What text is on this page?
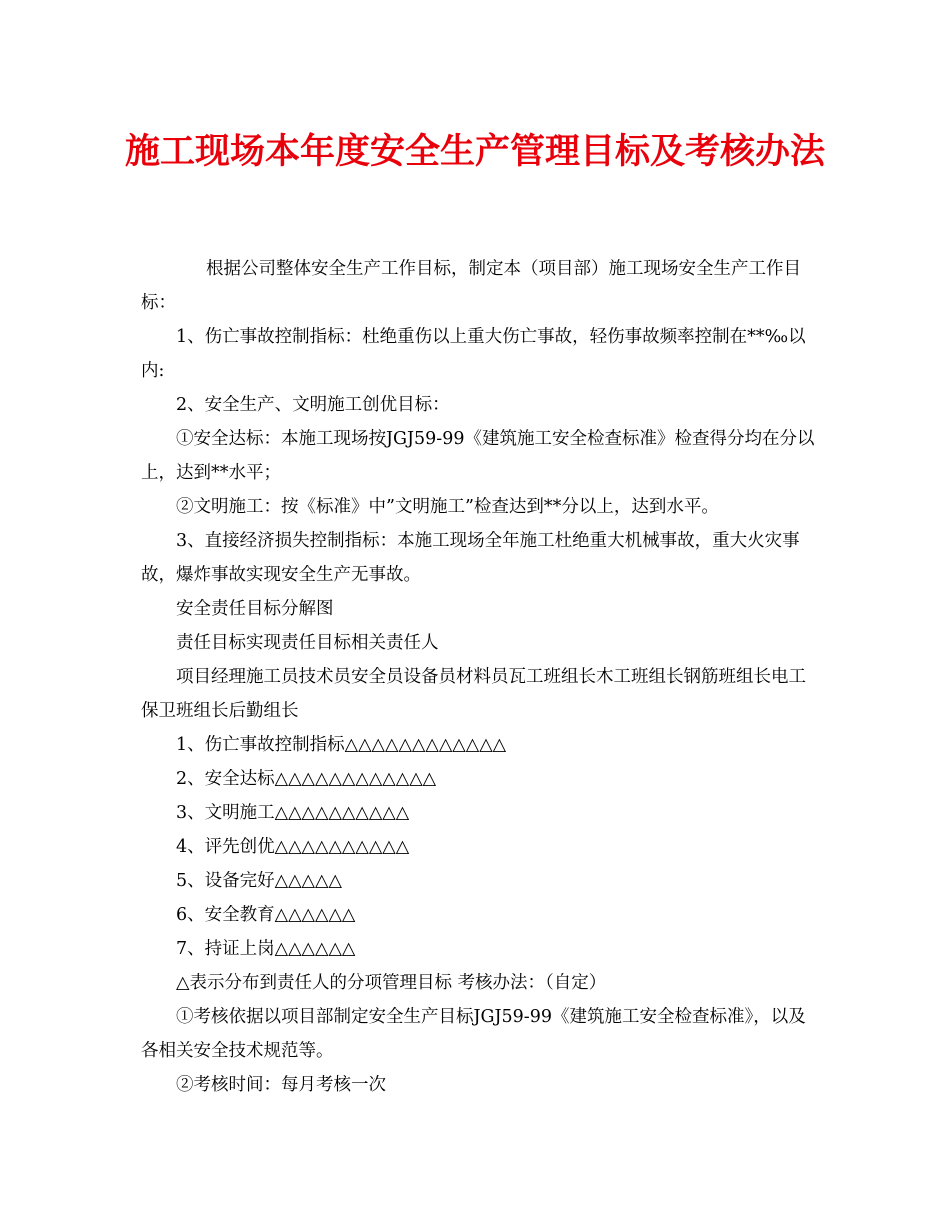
施工现场本年度安全生产管理目标及考核办法

根据公司整体安全生产工作目标，制定本（项目部）施工现场安全生产工作目标：

1、伤亡事故控制指标：杜绝重伤以上重大伤亡事故，轻伤事故频率控制在**‰以内:

2、安全生产、文明施工创优目标：

①安全达标：本施工现场按JGJ59-99《建筑施工安全检查标准》检查得分均在分以上，达到**水平；

②文明施工：按《标准》中”文明施工”检查达到**分以上，达到水平。

3、直接经济损失控制指标：本施工现场全年施工杜绝重大机械事故，重大火灾事故，爆炸事故实现安全生产无事故。

安全责任目标分解图

责任目标实现责任目标相关责任人

项目经理施工员技术员安全员设备员材料员瓦工班组长木工班组长钢筋班组长电工保卫班组长后勤组长

1、伤亡事故控制指标△△△△△△△△△△△△

2、安全达标△△△△△△△△△△△△

3、文明施工△△△△△△△△△△

4、评先创优△△△△△△△△△△

5、设备完好△△△△△

6、安全教育△△△△△△

7、持证上岗△△△△△△

△表示分布到责任人的分项管理目标 考核办法：（自定）

①考核依据以项目部制定安全生产目标JGJ59-99《建筑施工安全检查标准》，以及各相关安全技术规范等。

②考核时间：每月考核一次
